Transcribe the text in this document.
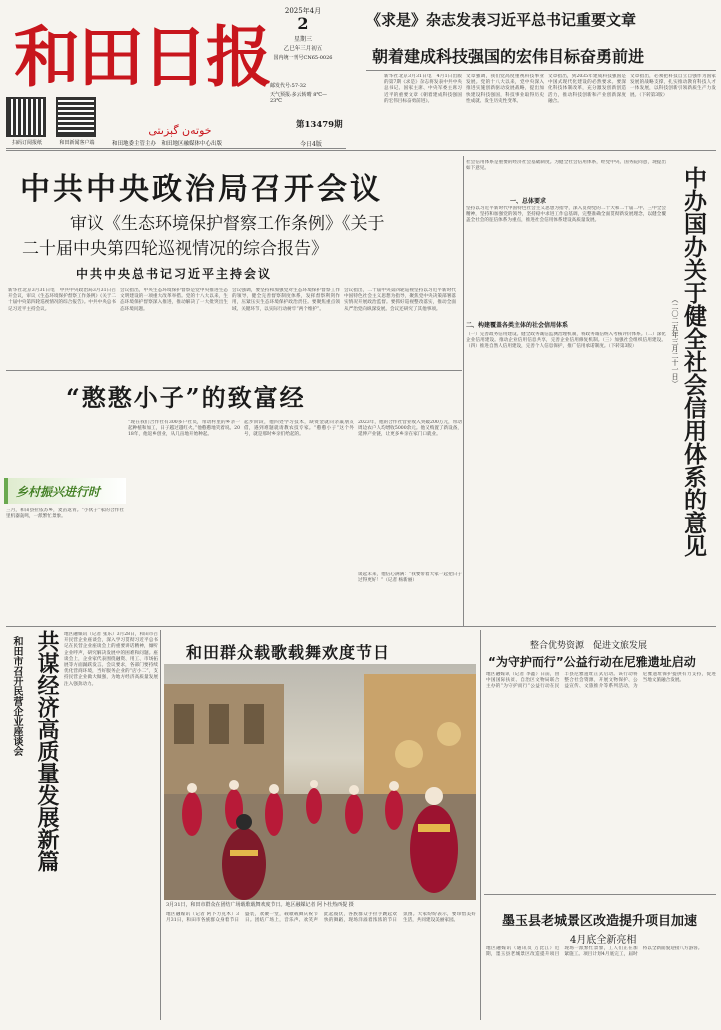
和田日报
خوتەن گېزىتى
扫码订阅报纸	和田新闻客户端
2025年4月
2
星期三
乙巳年三月初五
国内统一刊号CN65-0026
邮发代号:57-32
天气预报:多云转晴 8℃—23℃
第13479期
今日4版
和田地委主管主办　和田地区融媒体中心出版
《求是》杂志发表习近平总书记重要文章
朝着建成科技强国的宏伟目标奋勇前进
新华社北京3月31日电　4月1日出版的第7期《求是》杂志将发表中共中央总书记、国家主席、中央军委主席习近平的重要文章《朝着建成科技强国的宏伟目标奋勇前进》。
文章强调，我们党高度重视科技事业发展。党的十八大以来，党中央深入推进实施创新驱动发展战略，提出加快建设科技强国，科技事业取得历史性成就、发生历史性变革。
文章指出，到2035年建成科技强国是中国式现代化建设的必然要求。要深化科技体制改革，充分激发创新创造活力，推动科技创新和产业创新深度融合。
文章指出，必须把科技自立自强作为国家发展的战略支撑，扎实推动教育科技人才一体发展，以科技创新引领新质生产力发展。（下转第3版）
中共中央政治局召开会议
审议《生态环境保护督察工作条例》《关于
二十届中央第四轮巡视情况的综合报告》
中共中央总书记习近平主持会议
新华社北京3月31日电　中共中央政治局3月31日召开会议，审议《生态环境保护督察工作条例》《关于二十届中央第四轮巡视情况的综合报告》。中共中央总书记习近平主持会议。
会议指出，中央生态环境保护督察是党中央推进生态文明建设的一项重大改革举措。党的十八大以来，生态环境保护督察深入推进，推动解决了一大批突出生态环境问题。
会议强调，要坚持和加强党对生态环境保护督察工作的领导，健全完善督察制度体系，发挥督察利剑作用，压紧压实生态环境保护政治责任。要聚焦重点领域、关键环节，以实际行动树牢“两个维护”。
会议指出，二十届中央第四轮巡视坚持以习近平新时代中国特色社会主义思想为指导，聚焦党中央决策部署落实情况开展政治监督。要抓好巡视整改落实，推动全面从严治党向纵深发展。会议还研究了其他事项。
社会信用体系是重要的经济社会基础制度。为健全社会信用体系，经党中央、国务院同意，现提出如下意见。
一、总体要求
坚持以习近平新时代中国特色社会主义思想为指导，深入贯彻党的二十大和二十届二中、三中全会精神，坚持和加强党的领导，坚持稳中求进工作总基调，完整准确全面贯彻新发展理念，以健全覆盖全社会的征信体系为重点，推进社会信用体系建设高质量发展。
二、构建覆盖各类主体的社会信用体系
（一）完善政务信用建设。健全政务诚信监测治理机制，将政务诚信纳入考核评价体系。（二）深化企业信用建设。推动企业信用信息共享，完善企业信用修复机制。（三）加强社会组织信用建设。（四）推进自然人信用建设，完善个人信息保护，推广信用承诺制度。（下转第3版）	中办国办关于健全社会信用体系的意见
（二〇二五年三月二十一日）
“憨憨小子”的致富经
乡村振兴进行时
三月，和田县拉依苏乡，麦苗返青。“小伙子”家的合作社里机器轰鸣，一派繁忙景象。
“现在我们合作社有300多户社员，带动村里的乡亲一起种植和加工，日子越过越红火。”他憨憨地笑着说。2018年，他返乡创业，从几亩地开始种起。
起步阶段，他四处学习技术，缺资金就向亲戚朋友借，遇到难题就请教农技专家。“憨憨小子”这个外号，就是那时乡亲们给起的。
2023年，他的合作社营业收入突破200万元，带动周边农户人均增收5000余元。他又购置了新设备，延伸产业链，让更多乡亲在家门口就业。
谈起未来，他信心满满：“我要带着大家一起把日子过得更好！”（记者 杨新丽）
和田市召开民营企业座谈会 共谋经济高质量发展新篇	地区融媒讯（记者 张乐）3月28日，和田市召开民营企业座谈会，深入学习贯彻习近平总书记在民营企业座谈会上的重要讲话精神，倾听企业呼声，研究解决发展中的困难和问题。座谈会上，企业家代表围绕融资、用工、市场拓展等方面踊跃发言。会议要求，各部门要持续优化营商环境，当好服务企业的“店小二”，支持民营企业做大做强，为地方经济高质量发展注入强劲动力。
和田群众载歌载舞欢度节日
3月31日，和田市群众在团结广场载歌载舞欢度节日。地区融媒记者 阿卜杜热西提 摄
地区融媒讯（记者 阿卜力克木）3月31日，和田市各族群众身着节日盛装，欢聚一堂，载歌载舞庆祝节日。团结广场上，音乐声、欢笑声此起彼伏，各族群众手拉手跳起欢快的舞蹈，现场洋溢着浓浓的节日氛围。大家纷纷表示，要珍惜美好生活，共同建设美丽家园。
整合优势资源　促进文旅发展
“为守护而行”公益行动在尼雅遗址启动
地区融媒讯（记者 李鑫）日前，由中国国际扶贫、自治区文物局联合主办的“为守护而行”公益行动在民丰县尼雅遗址正式启动。该行动将整合社会资源，开展文物保护、公益宣传、文旅推介等系列活动，为尼雅遗址保护提供有力支持，促进当地文旅融合发展。
墨玉县老城景区改造提升项目加速
4月底全新亮相
地区融媒讯（通讯员 万比江）近期，墨玉县老城景区改造提升项目现场一派繁忙景象，工人们正在加紧施工。项目计划4月底完工，届时将以全新面貌迎接八方游客。
